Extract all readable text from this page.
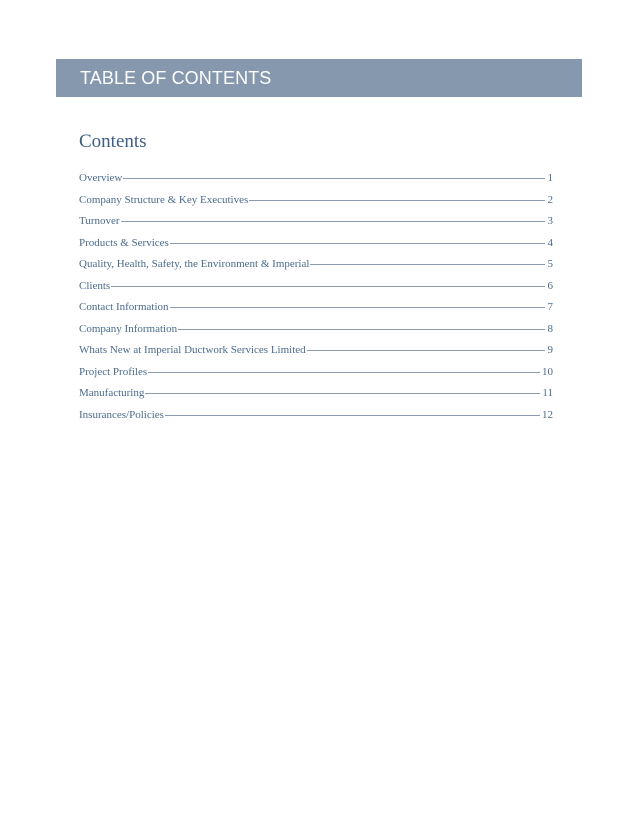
TABLE OF CONTENTS
Contents
Overview	1
Company Structure & Key Executives	2
Turnover	3
Products & Services	4
Quality, Health, Safety, the Environment & Imperial	5
Clients	6
Contact Information	7
Company Information	8
Whats New at Imperial Ductwork Services Limited	9
Project Profiles	10
Manufacturing	11
Insurances/Policies	12
